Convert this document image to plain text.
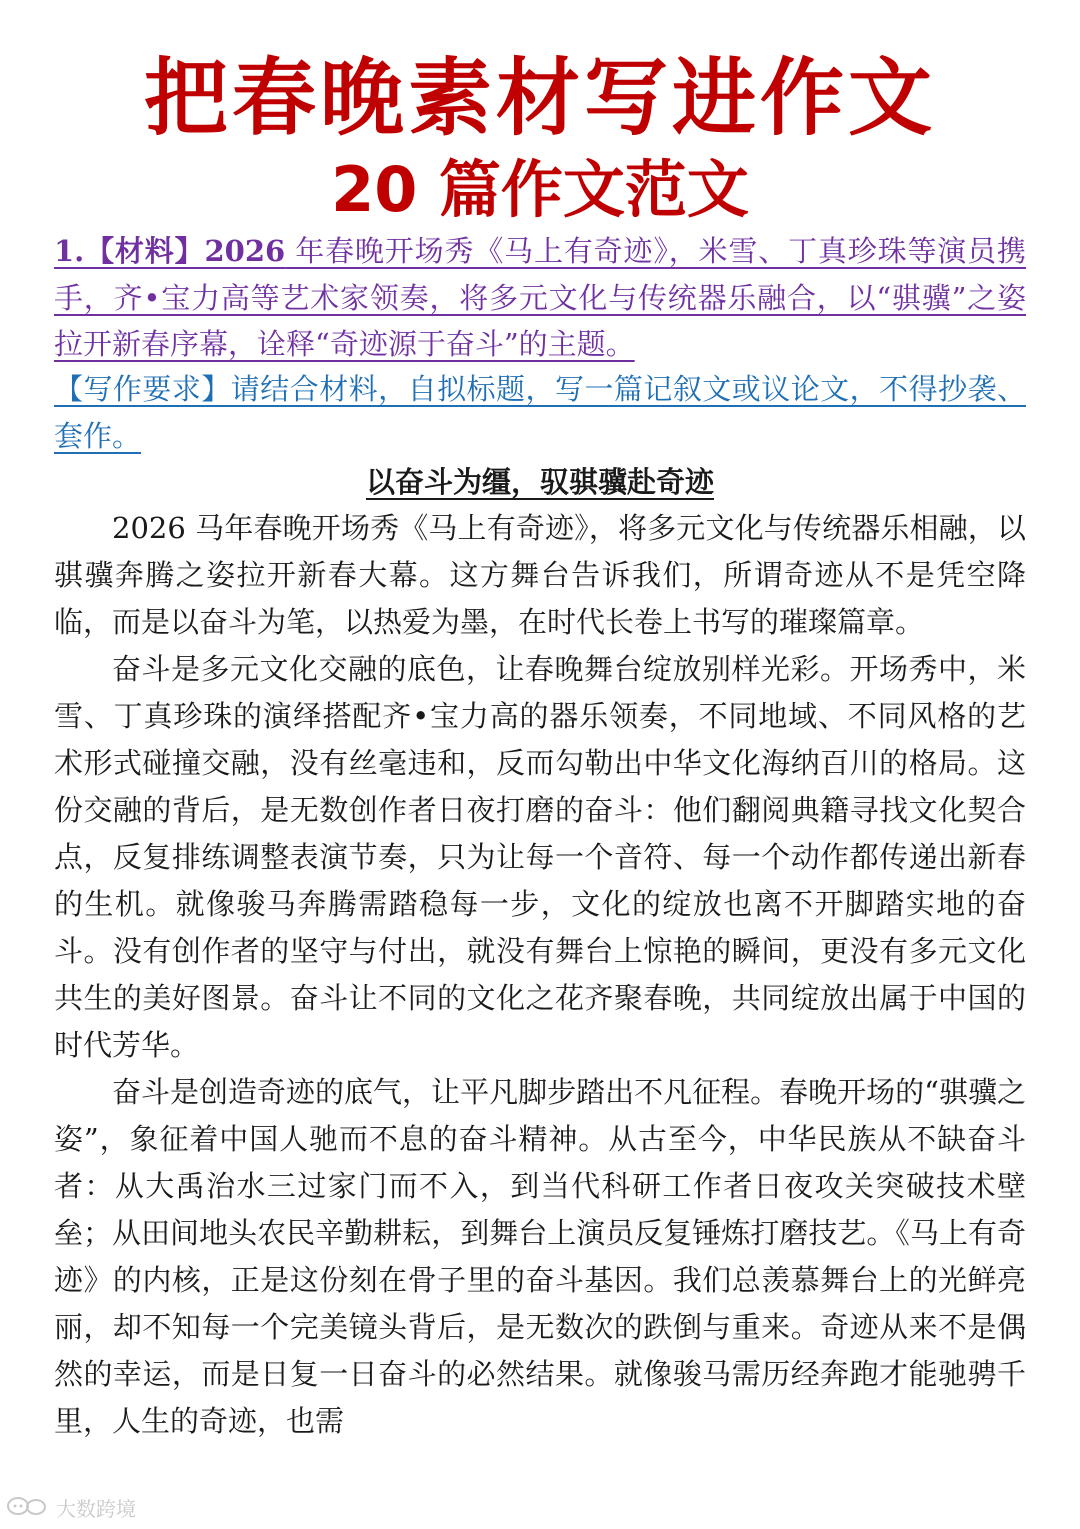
把春晚素材写进作文
20 篇作文范文

1.【材料】2026 年春晚开场秀《马上有奇迹》，米雪、丁真珍珠等演员携手，齐•宝力高等艺术家领奏，将多元文化与传统器乐融合，以“骐骥”之姿拉开新春序幕，诠释“奇迹源于奋斗”的主题。

【写作要求】请结合材料，自拟标题，写一篇记叙文或议论文，不得抄袭、套作。

以奋斗为缰，驭骐骥赴奇迹

2026 马年春晚开场秀《马上有奇迹》，将多元文化与传统器乐相融，以骐骥奔腾之姿拉开新春大幕。这方舞台告诉我们，所谓奇迹从不是凭空降临，而是以奋斗为笔，以热爱为墨，在时代长卷上书写的璀璨篇章。

奋斗是多元文化交融的底色，让春晚舞台绽放别样光彩。开场秀中，米雪、丁真珍珠的演绎搭配齐•宝力高的器乐领奏，不同地域、不同风格的艺术形式碰撞交融，没有丝毫违和，反而勾勒出中华文化海纳百川的格局。这份交融的背后，是无数创作者日夜打磨的奋斗：他们翻阅典籍寻找文化契合点，反复排练调整表演节奏，只为让每一个音符、每一个动作都传递出新春的生机。就像骏马奔腾需踏稳每一步，文化的绽放也离不开脚踏实地的奋斗。没有创作者的坚守与付出，就没有舞台上惊艳的瞬间，更没有多元文化共生的美好图景。奋斗让不同的文化之花齐聚春晚，共同绽放出属于中国的时代芳华。

奋斗是创造奇迹的底气，让平凡脚步踏出不凡征程。春晚开场的“骐骥之姿”，象征着中国人驰而不息的奋斗精神。从古至今，中华民族从不缺奋斗者：从大禹治水三过家门而不入，到当代科研工作者日夜攻关突破技术壁垒；从田间地头农民辛勤耕耘，到舞台上演员反复锤炼打磨技艺。《马上有奇迹》的内核，正是这份刻在骨子里的奋斗基因。我们总羡慕舞台上的光鲜亮丽，却不知每一个完美镜头背后，是无数次的跌倒与重来。奇迹从来不是偶然的幸运，而是日复一日奋斗的必然结果。就像骏马需历经奔跑才能驰骋千里，人生的奇迹，也需

大数跨境
